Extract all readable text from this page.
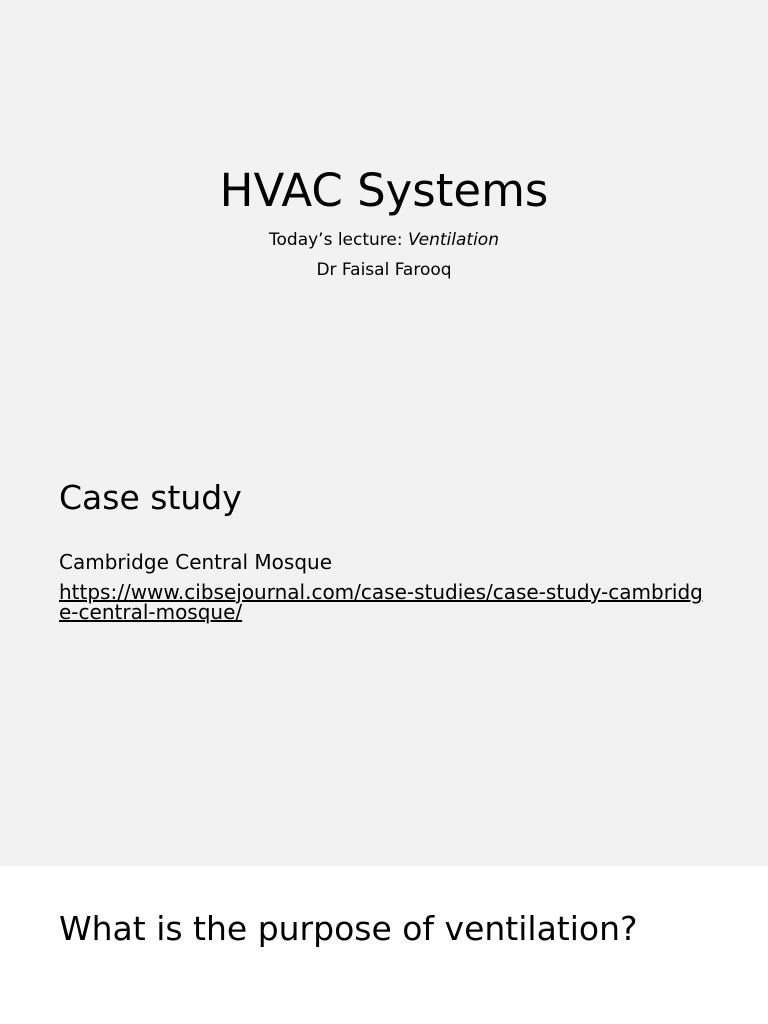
HVAC Systems
Today’s lecture: Ventilation
Dr Faisal Farooq
Case study
Cambridge Central Mosque
https://www.cibsejournal.com/case-studies/case-study-cambridge-central-mosque/
What is the purpose of ventilation?
